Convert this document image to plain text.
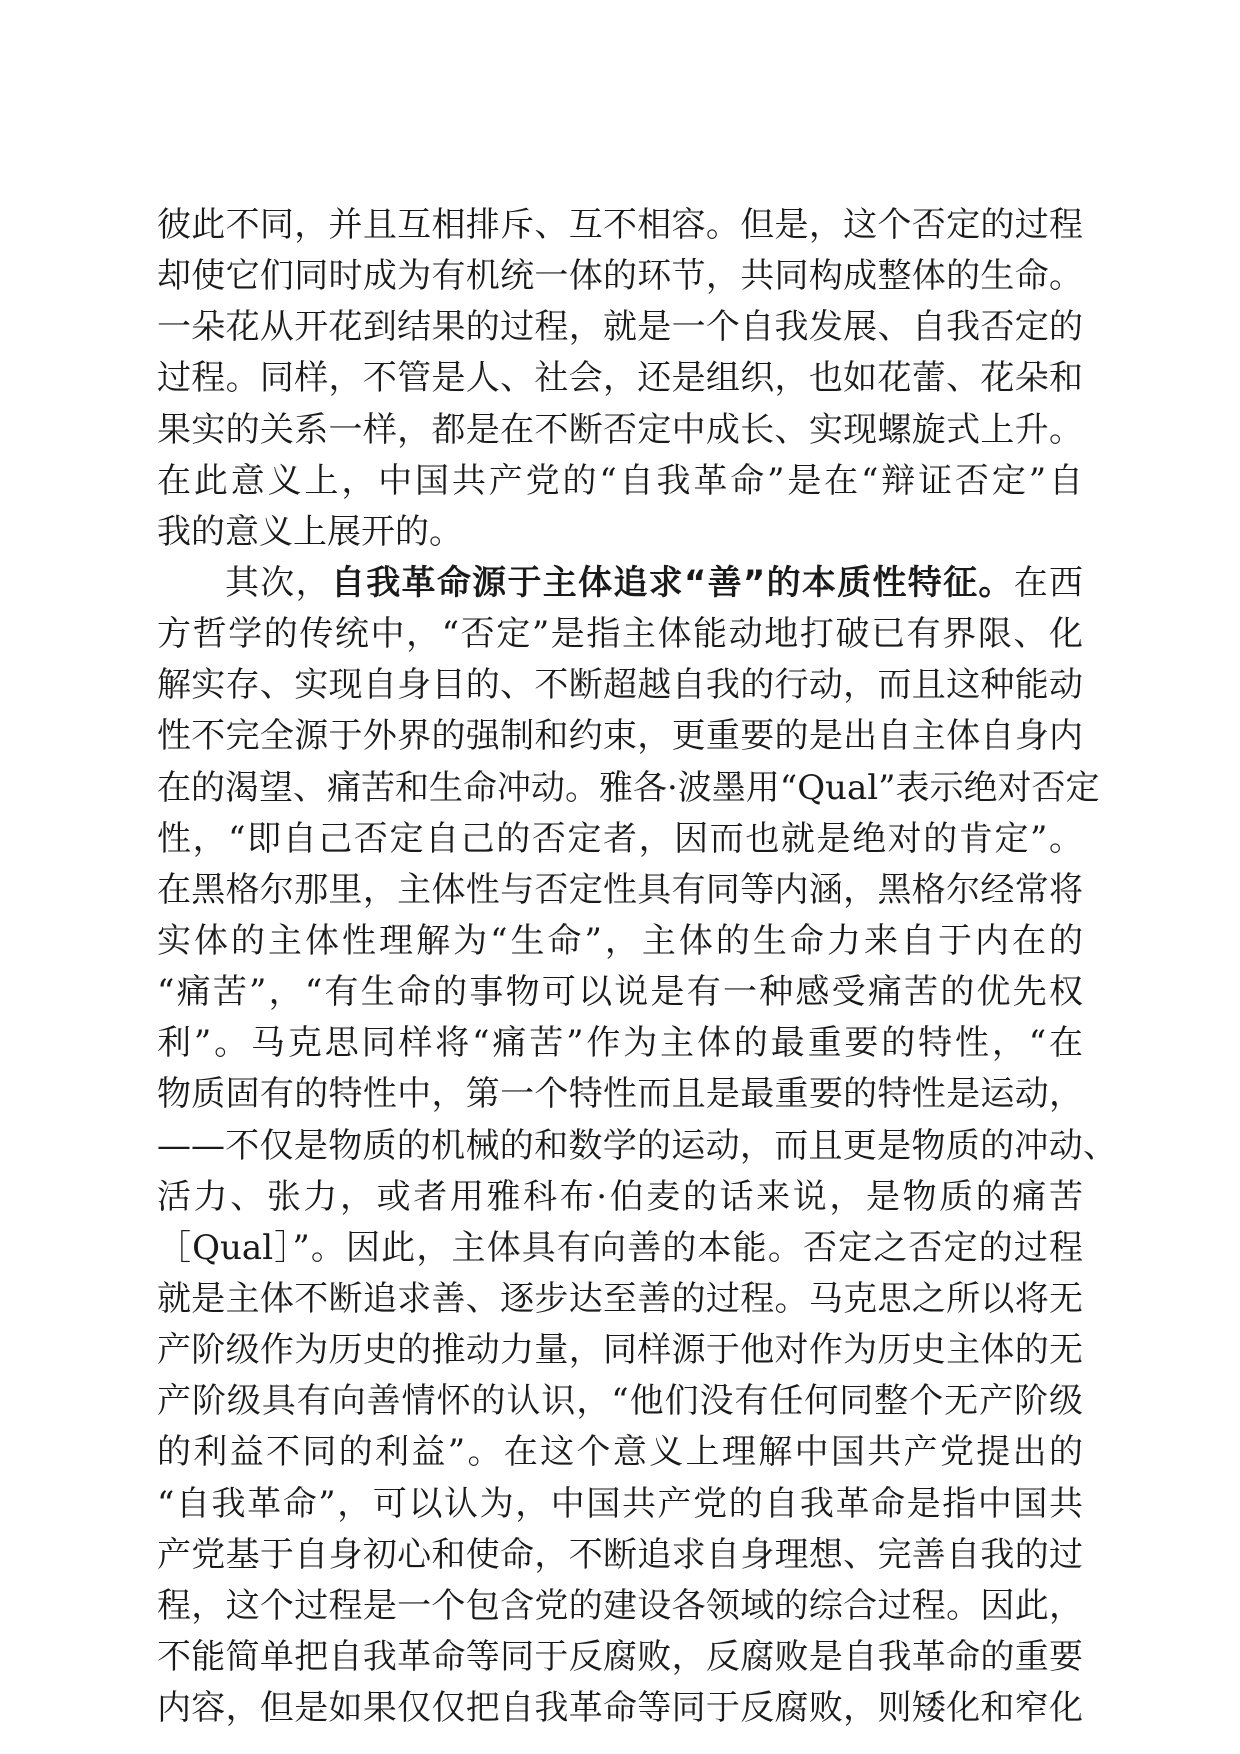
彼此不同，并且互相排斥、互不相容。但是，这个否定的过程
却使它们同时成为有机统一体的环节，共同构成整体的生命。
一朵花从开花到结果的过程，就是一个自我发展、自我否定的
过程。同样，不管是人、社会，还是组织，也如花蕾、花朵和
果实的关系一样，都是在不断否定中成长、实现螺旋式上升。
在此意义上，中国共产党的“自我革命”是在“辩证否定”自
我的意义上展开的。
其次，自我革命源于主体追求“善”的本质性特征。在西
方哲学的传统中，“否定”是指主体能动地打破已有界限、化
解实存、实现自身目的、不断超越自我的行动，而且这种能动
性不完全源于外界的强制和约束，更重要的是出自主体自身内
在的渴望、痛苦和生命冲动。雅各·波墨用“Qual”表示绝对否定
性，“即自己否定自己的否定者，因而也就是绝对的肯定”。
在黑格尔那里，主体性与否定性具有同等内涵，黑格尔经常将
实体的主体性理解为“生命”，主体的生命力来自于内在的
“痛苦”，“有生命的事物可以说是有一种感受痛苦的优先权
利”。马克思同样将“痛苦”作为主体的最重要的特性，“在
物质固有的特性中，第一个特性而且是最重要的特性是运动，
——不仅是物质的机械的和数学的运动，而且更是物质的冲动、
活力、张力，或者用雅科布·伯麦的话来说，是物质的痛苦
［Qual］”。因此，主体具有向善的本能。否定之否定的过程
就是主体不断追求善、逐步达至善的过程。马克思之所以将无
产阶级作为历史的推动力量，同样源于他对作为历史主体的无
产阶级具有向善情怀的认识，“他们没有任何同整个无产阶级
的利益不同的利益”。在这个意义上理解中国共产党提出的
“自我革命”，可以认为，中国共产党的自我革命是指中国共
产党基于自身初心和使命，不断追求自身理想、完善自我的过
程，这个过程是一个包含党的建设各领域的综合过程。因此，
不能简单把自我革命等同于反腐败，反腐败是自我革命的重要
内容，但是如果仅仅把自我革命等同于反腐败，则矮化和窄化
